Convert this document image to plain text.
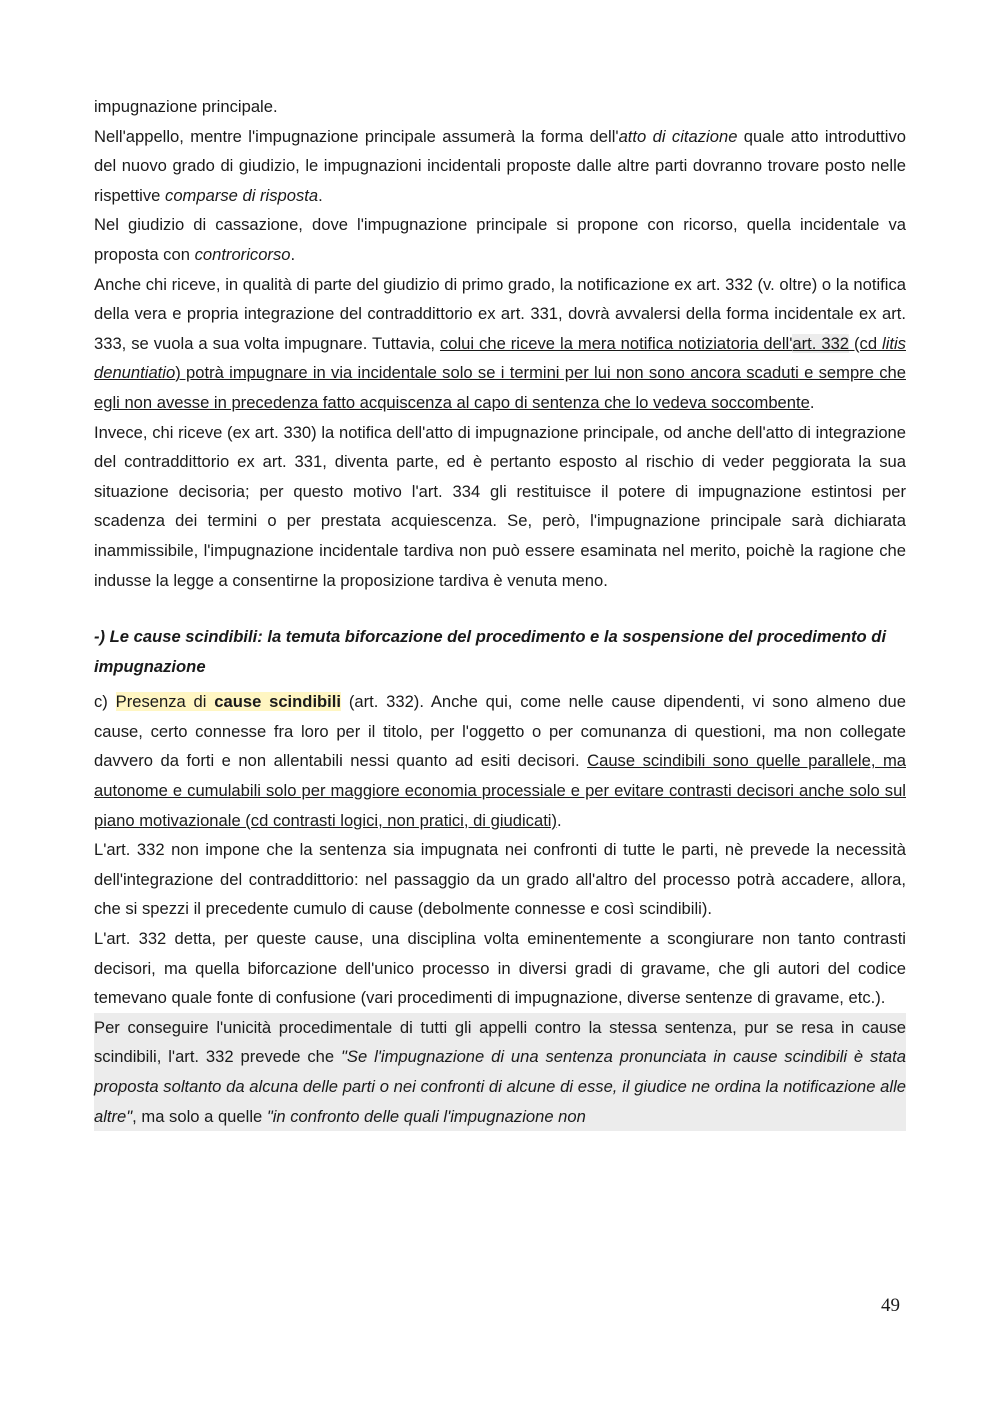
impugnazione principale.

Nell'appello, mentre l'impugnazione principale assumerà la forma dell'atto di citazione quale atto introduttivo del nuovo grado di giudizio, le impugnazioni incidentali proposte dalle altre parti dovranno trovare posto nelle rispettive comparse di risposta.

Nel giudizio di cassazione, dove l'impugnazione principale si propone con ricorso, quella incidentale va proposta con controricorso.

Anche chi riceve, in qualità di parte del giudizio di primo grado, la notificazione ex art. 332 (v. oltre) o la notifica della vera e propria integrazione del contraddittorio ex art. 331, dovrà avvalersi della forma incidentale ex art. 333, se vuola a sua volta impugnare. Tuttavia, colui che riceve la mera notifica notiziatoria dell'art. 332 (cd litis denuntiatio) potrà impugnare in via incidentale solo se i termini per lui non sono ancora scaduti e sempre che egli non avesse in precedenza fatto acquiscenza al capo di sentenza che lo vedeva soccombente.

Invece, chi riceve (ex art. 330) la notifica dell'atto di impugnazione principale, od anche dell'atto di integrazione del contraddittorio ex art. 331, diventa parte, ed è pertanto esposto al rischio di veder peggiorata la sua situazione decisoria; per questo motivo l'art. 334 gli restituisce il potere di impugnazione estintosi per scadenza dei termini o per prestata acquiescenza. Se, però, l'impugnazione principale sarà dichiarata inammissibile, l'impugnazione incidentale tardiva non può essere esaminata nel merito, poichè la ragione che indusse la legge a consentirne la proposizione tardiva è venuta meno.

-) Le cause scindibili: la temuta biforcazione del procedimento e la sospensione del procedimento di impugnazione

c) Presenza di cause scindibili (art. 332). Anche qui, come nelle cause dipendenti, vi sono almeno due cause, certo connesse fra loro per il titolo, per l'oggetto o per comunanza di questioni, ma non collegate davvero da forti e non allentabili nessi quanto ad esiti decisori. Cause scindibili sono quelle parallele, ma autonome e cumulabili solo per maggiore economia processiale e per evitare contrasti decisori anche solo sul piano motivazionale (cd contrasti logici, non pratici, di giudicati).

L'art. 332 non impone che la sentenza sia impugnata nei confronti di tutte le parti, nè prevede la necessità dell'integrazione del contraddittorio: nel passaggio da un grado all'altro del processo potrà accadere, allora, che si spezzi il precedente cumulo di cause (debolmente connesse e così scindibili).

L'art. 332 detta, per queste cause, una disciplina volta eminentemente a scongiurare non tanto contrasti decisori, ma quella biforcazione dell'unico processo in diversi gradi di gravame, che gli autori del codice temevano quale fonte di confusione (vari procedimenti di impugnazione, diverse sentenze di gravame, etc.).

Per conseguire l'unicità procedimentale di tutti gli appelli contro la stessa sentenza, pur se resa in cause scindibili, l'art. 332 prevede che "Se l'impugnazione di una sentenza pronunciata in cause scindibili è stata proposta soltanto da alcuna delle parti o nei confronti di alcune di esse, il giudice ne ordina la notificazione alle altre", ma solo a quelle "in confronto delle quali l'impugnazione non

49
